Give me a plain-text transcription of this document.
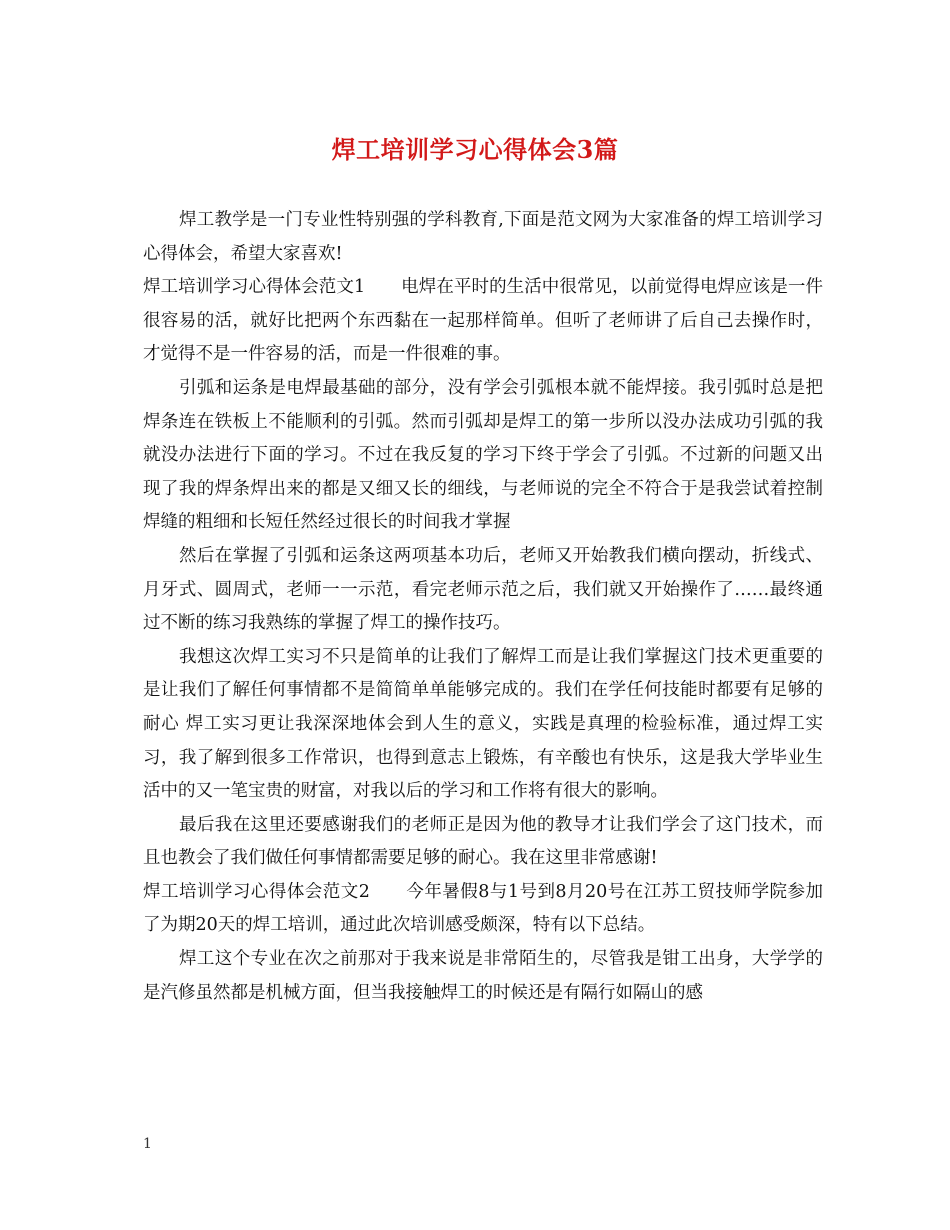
焊工培训学习心得体会3篇

焊工教学是一门专业性特别强的学科教育,下面是范文网为大家准备的焊工培训学习心得体会，希望大家喜欢!

焊工培训学习心得体会范文1 电焊在平时的生活中很常见，以前觉得电焊应该是一件很容易的活，就好比把两个东西黏在一起那样简单。但听了老师讲了后自己去操作时，才觉得不是一件容易的活，而是一件很难的事。

引弧和运条是电焊最基础的部分，没有学会引弧根本就不能焊接。我引弧时总是把焊条连在铁板上不能顺利的引弧。然而引弧却是焊工的第一步所以没办法成功引弧的我就没办法进行下面的学习。不过在我反复的学习下终于学会了引弧。不过新的问题又出现了我的焊条焊出来的都是又细又长的细线，与老师说的完全不符合于是我尝试着控制焊缝的粗细和长短任然经过很长的时间我才掌握

然后在掌握了引弧和运条这两项基本功后，老师又开始教我们横向摆动，折线式、月牙式、圆周式，老师一一示范，看完老师示范之后，我们就又开始操作了……最终通过不断的练习我熟练的掌握了焊工的操作技巧。

我想这次焊工实习不只是简单的让我们了解焊工而是让我们掌握这门技术更重要的是让我们了解任何事情都不是简简单单能够完成的。我们在学任何技能时都要有足够的耐心 焊工实习更让我深深地体会到人生的意义，实践是真理的检验标准，通过焊工实习，我了解到很多工作常识，也得到意志上锻炼，有辛酸也有快乐，这是我大学毕业生活中的又一笔宝贵的财富，对我以后的学习和工作将有很大的影响。

最后我在这里还要感谢我们的老师正是因为他的教导才让我们学会了这门技术，而且也教会了我们做任何事情都需要足够的耐心。我在这里非常感谢!

焊工培训学习心得体会范文2 今年暑假8与1号到8月20号在江苏工贸技师学院参加了为期20天的焊工培训，通过此次培训感受颇深，特有以下总结。

焊工这个专业在次之前那对于我来说是非常陌生的，尽管我是钳工出身，大学学的是汽修虽然都是机械方面，但当我接触焊工的时候还是有隔行如隔山的感

1
